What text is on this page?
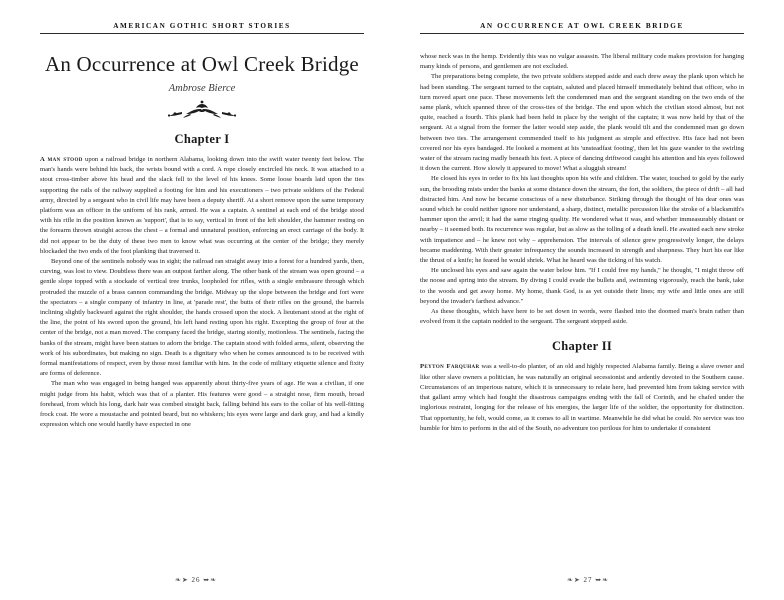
AMERICAN GOTHIC SHORT STORIES
An Occurrence at Owl Creek Bridge
Ambrose Bierce
Chapter I

A man stood upon a railroad bridge in northern Alabama, looking down into the swift water twenty feet below. The man's hands were behind his back, the wrists bound with a cord. A rope closely encircled his neck. It was attached to a stout cross-timber above his head and the slack fell to the level of his knees. Some loose boards laid upon the ties supporting the rails of the railway supplied a footing for him and his executioners – two private soldiers of the Federal army, directed by a sergeant who in civil life may have been a deputy sheriff. At a short remove upon the same temporary platform was an officer in the uniform of his rank, armed. He was a captain. A sentinel at each end of the bridge stood with his rifle in the position known as 'support', that is to say, vertical in front of the left shoulder, the hammer resting on the forearm thrown straight across the chest – a formal and unnatural position, enforcing an erect carriage of the body. It did not appear to be the duty of these two men to know what was occurring at the center of the bridge; they merely blockaded the two ends of the foot planking that traversed it.

Beyond one of the sentinels nobody was in sight; the railroad ran straight away into a forest for a hundred yards, then, curving, was lost to view. Doubtless there was an outpost farther along. The other bank of the stream was open ground – a gentle slope topped with a stockade of vertical tree trunks, loopholed for rifles, with a single embrasure through which protruded the muzzle of a brass cannon commanding the bridge. Midway up the slope between the bridge and fort were the spectators – a single company of infantry in line, at 'parade rest', the butts of their rifles on the ground, the barrels inclining slightly backward against the right shoulder, the hands crossed upon the stock. A lieutenant stood at the right of the line, the point of his sword upon the ground, his left hand resting upon his right. Excepting the group of four at the center of the bridge, not a man moved. The company faced the bridge, staring stonily, motionless. The sentinels, facing the banks of the stream, might have been statues to adorn the bridge. The captain stood with folded arms, silent, observing the work of his subordinates, but making no sign. Death is a dignitary who when he comes announced is to be received with formal manifestations of respect, even by those most familiar with him. In the code of military etiquette silence and fixity are forms of deference.

The man who was engaged in being hanged was apparently about thirty-five years of age. He was a civilian, if one might judge from his habit, which was that of a planter. His features were good – a straight nose, firm mouth, broad forehead, from which his long, dark hair was combed straight back, falling behind his ears to the collar of his well-fitting frock coat. He wore a moustache and pointed beard, but no whiskers; his eyes were large and dark gray, and had a kindly expression which one would hardly have expected in one

❧➤ 26 ➥❧
AN OCCURRENCE AT OWL CREEK BRIDGE

whose neck was in the hemp. Evidently this was no vulgar assassin. The liberal military code makes provision for hanging many kinds of persons, and gentlemen are not excluded.

The preparations being complete, the two private soldiers stepped aside and each drew away the plank upon which he had been standing. The sergeant turned to the captain, saluted and placed himself immediately behind that officer, who in turn moved apart one pace. These movements left the condemned man and the sergeant standing on the two ends of the same plank, which spanned three of the cross-ties of the bridge. The end upon which the civilian stood almost, but not quite, reached a fourth. This plank had been held in place by the weight of the captain; it was now held by that of the sergeant. At a signal from the former the latter would step aside, the plank would tilt and the condemned man go down between two ties. The arrangement commended itself to his judgment as simple and effective. His face had not been covered nor his eyes bandaged. He looked a moment at his 'unsteadfast footing', then let his gaze wander to the swirling water of the stream racing madly beneath his feet. A piece of dancing driftwood caught his attention and his eyes followed it down the current. How slowly it appeared to move! What a sluggish stream!

He closed his eyes in order to fix his last thoughts upon his wife and children. The water, touched to gold by the early sun, the brooding mists under the banks at some distance down the stream, the fort, the soldiers, the piece of drift – all had distracted him. And now he became conscious of a new disturbance. Striking through the thought of his dear ones was sound which he could neither ignore nor understand, a sharp, distinct, metallic percussion like the stroke of a blacksmith's hammer upon the anvil; it had the same ringing quality. He wondered what it was, and whether immeasurably distant or nearby – it seemed both. Its recurrence was regular, but as slow as the tolling of a death knell. He awaited each new stroke with impatience and – he knew not why – apprehension. The intervals of silence grew progressively longer, the delays became maddening. With their greater infrequency the sounds increased in strength and sharpness. They hurt his ear like the thrust of a knife; he feared he would shriek. What he heard was the ticking of his watch.

He unclosed his eyes and saw again the water below him. "If I could free my hands," he thought, "I might throw off the noose and spring into the stream. By diving I could evade the bullets and, swimming vigorously, reach the bank, take to the woods and get away home. My home, thank God, is as yet outside their lines; my wife and little ones are still beyond the invader's farthest advance."

As these thoughts, which have here to be set down in words, were flashed into the doomed man's brain rather than evolved from it the captain nodded to the sergeant. The sergeant stepped aside.

Chapter II

Peyton Farquhar was a well-to-do planter, of an old and highly respected Alabama family. Being a slave owner and like other slave owners a politician, he was naturally an original secessionist and ardently devoted to the Southern cause. Circumstances of an imperious nature, which it is unnecessary to relate here, had prevented him from taking service with that gallant army which had fought the disastrous campaigns ending with the fall of Corinth, and he chafed under the inglorious restraint, longing for the release of his energies, the larger life of the soldier, the opportunity for distinction. That opportunity, he felt, would come, as it comes to all in wartime. Meanwhile he did what he could. No service was too humble for him to perform in the aid of the South, no adventure too perilous for him to undertake if consistent

❧➤ 27 ➥❧
